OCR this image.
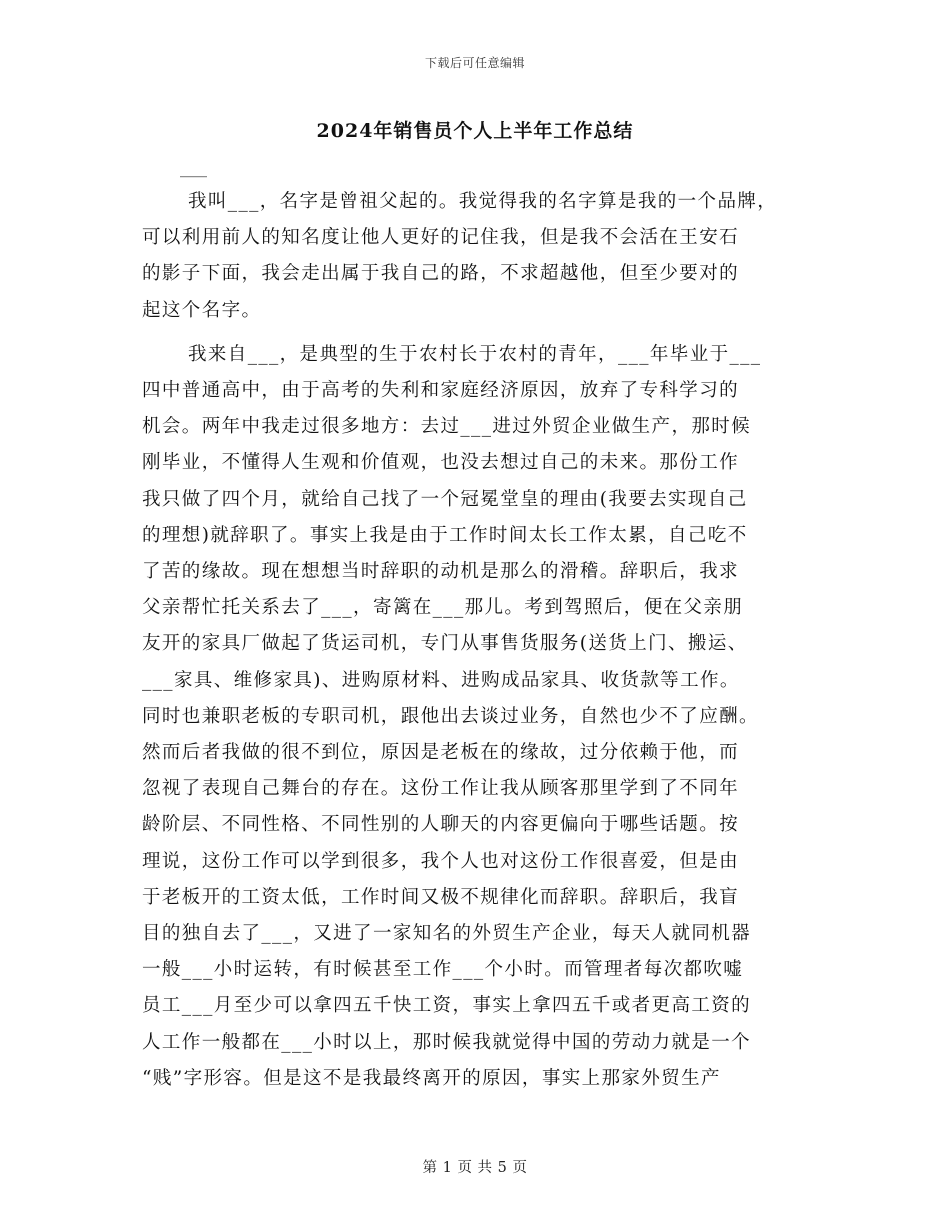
下载后可任意编辑
2024年销售员个人上半年工作总结
___
我叫___，名字是曾祖父起的。我觉得我的名字算是我的一个品牌，
可以利用前人的知名度让他人更好的记住我，但是我不会活在王安石
的影子下面，我会走出属于我自己的路，不求超越他，但至少要对的
起这个名字。
我来自___，是典型的生于农村长于农村的青年，___年毕业于___
四中普通高中，由于高考的失利和家庭经济原因，放弃了专科学习的
机会。两年中我走过很多地方：去过___进过外贸企业做生产，那时候
刚毕业，不懂得人生观和价值观，也没去想过自己的未来。那份工作
我只做了四个月，就给自己找了一个冠冕堂皇的理由(我要去实现自己
的理想)就辞职了。事实上我是由于工作时间太长工作太累，自己吃不
了苦的缘故。现在想想当时辞职的动机是那么的滑稽。辞职后，我求
父亲帮忙托关系去了___，寄篱在___那儿。考到驾照后，便在父亲朋
友开的家具厂做起了货运司机，专门从事售货服务(送货上门、搬运、
___家具、维修家具)、进购原材料、进购成品家具、收货款等工作。
同时也兼职老板的专职司机，跟他出去谈过业务，自然也少不了应酬。
然而后者我做的很不到位，原因是老板在的缘故，过分依赖于他，而
忽视了表现自己舞台的存在。这份工作让我从顾客那里学到了不同年
龄阶层、不同性格、不同性别的人聊天的内容更偏向于哪些话题。按
理说，这份工作可以学到很多，我个人也对这份工作很喜爱，但是由
于老板开的工资太低，工作时间又极不规律化而辞职。辞职后，我盲
目的独自去了___，又进了一家知名的外贸生产企业，每天人就同机器
一般___小时运转，有时候甚至工作___个小时。而管理者每次都吹嘘
员工___月至少可以拿四五千快工资，事实上拿四五千或者更高工资的
人工作一般都在___小时以上，那时候我就觉得中国的劳动力就是一个
“贱”字形容。但是这不是我最终离开的原因，事实上那家外贸生产
第 1 页 共 5 页
